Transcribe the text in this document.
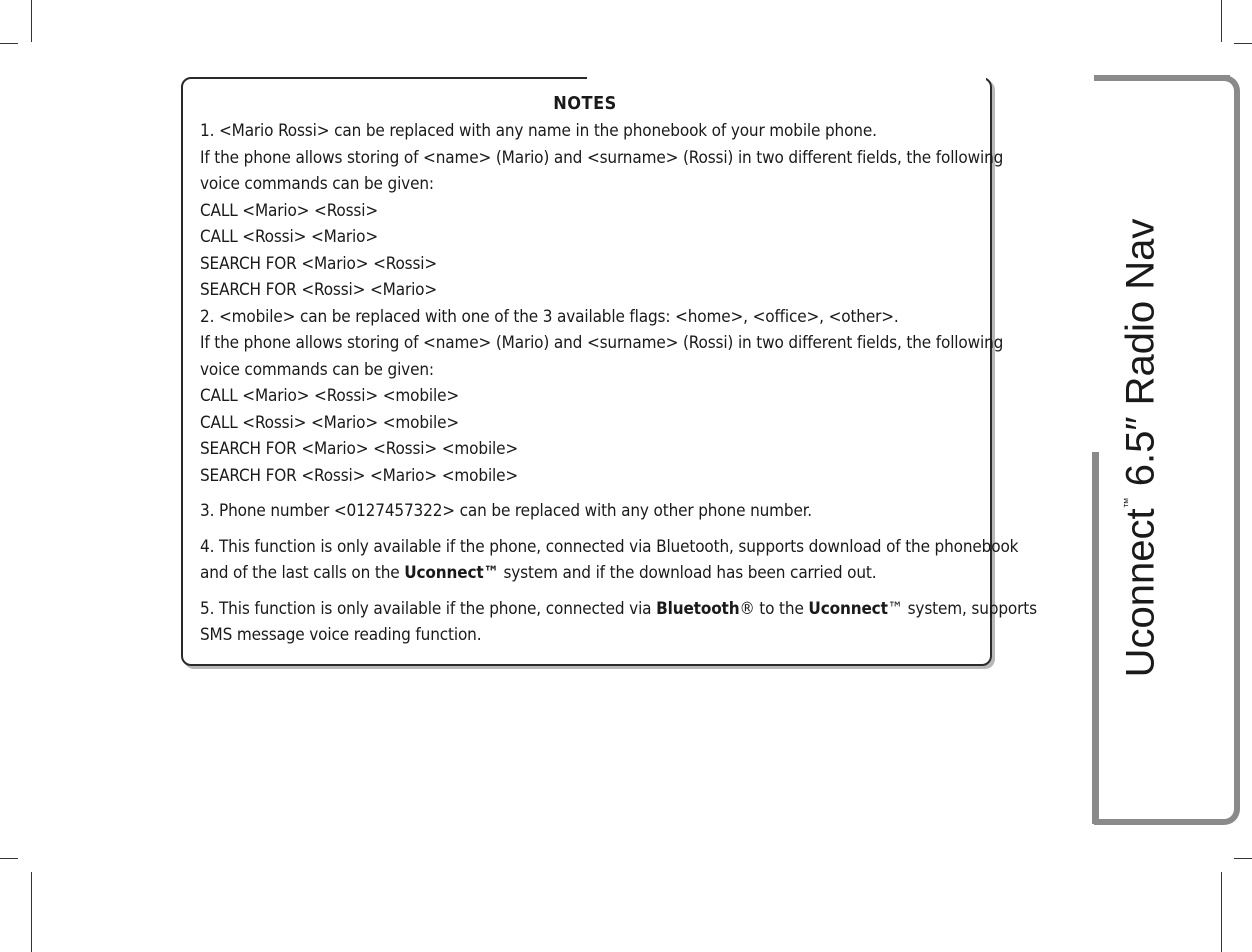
NOTES
1. <Mario Rossi> can be replaced with any name in the phonebook of your mobile phone.
If the phone allows storing of <name> (Mario) and <surname> (Rossi) in two different fields, the following
voice commands can be given:
CALL <Mario> <Rossi>
CALL <Rossi> <Mario>
SEARCH FOR <Mario> <Rossi>
SEARCH FOR <Rossi> <Mario>
2. <mobile> can be replaced with one of the 3 available flags: <home>, <office>, <other>.
If the phone allows storing of <name> (Mario) and <surname> (Rossi) in two different fields, the following
voice commands can be given:
CALL <Mario> <Rossi> <mobile>
CALL <Rossi> <Mario> <mobile>
SEARCH FOR <Mario> <Rossi> <mobile>
SEARCH FOR <Rossi> <Mario> <mobile>
3. Phone number <0127457322> can be replaced with any other phone number.
4. This function is only available if the phone, connected via Bluetooth, supports download of the phonebook
and of the last calls on the Uconnect™ system and if the download has been carried out.
5. This function is only available if the phone, connected via Bluetooth® to the Uconnect™ system, supports
SMS message voice reading function.	Uconnect™ 6.5″ Radio Nav
